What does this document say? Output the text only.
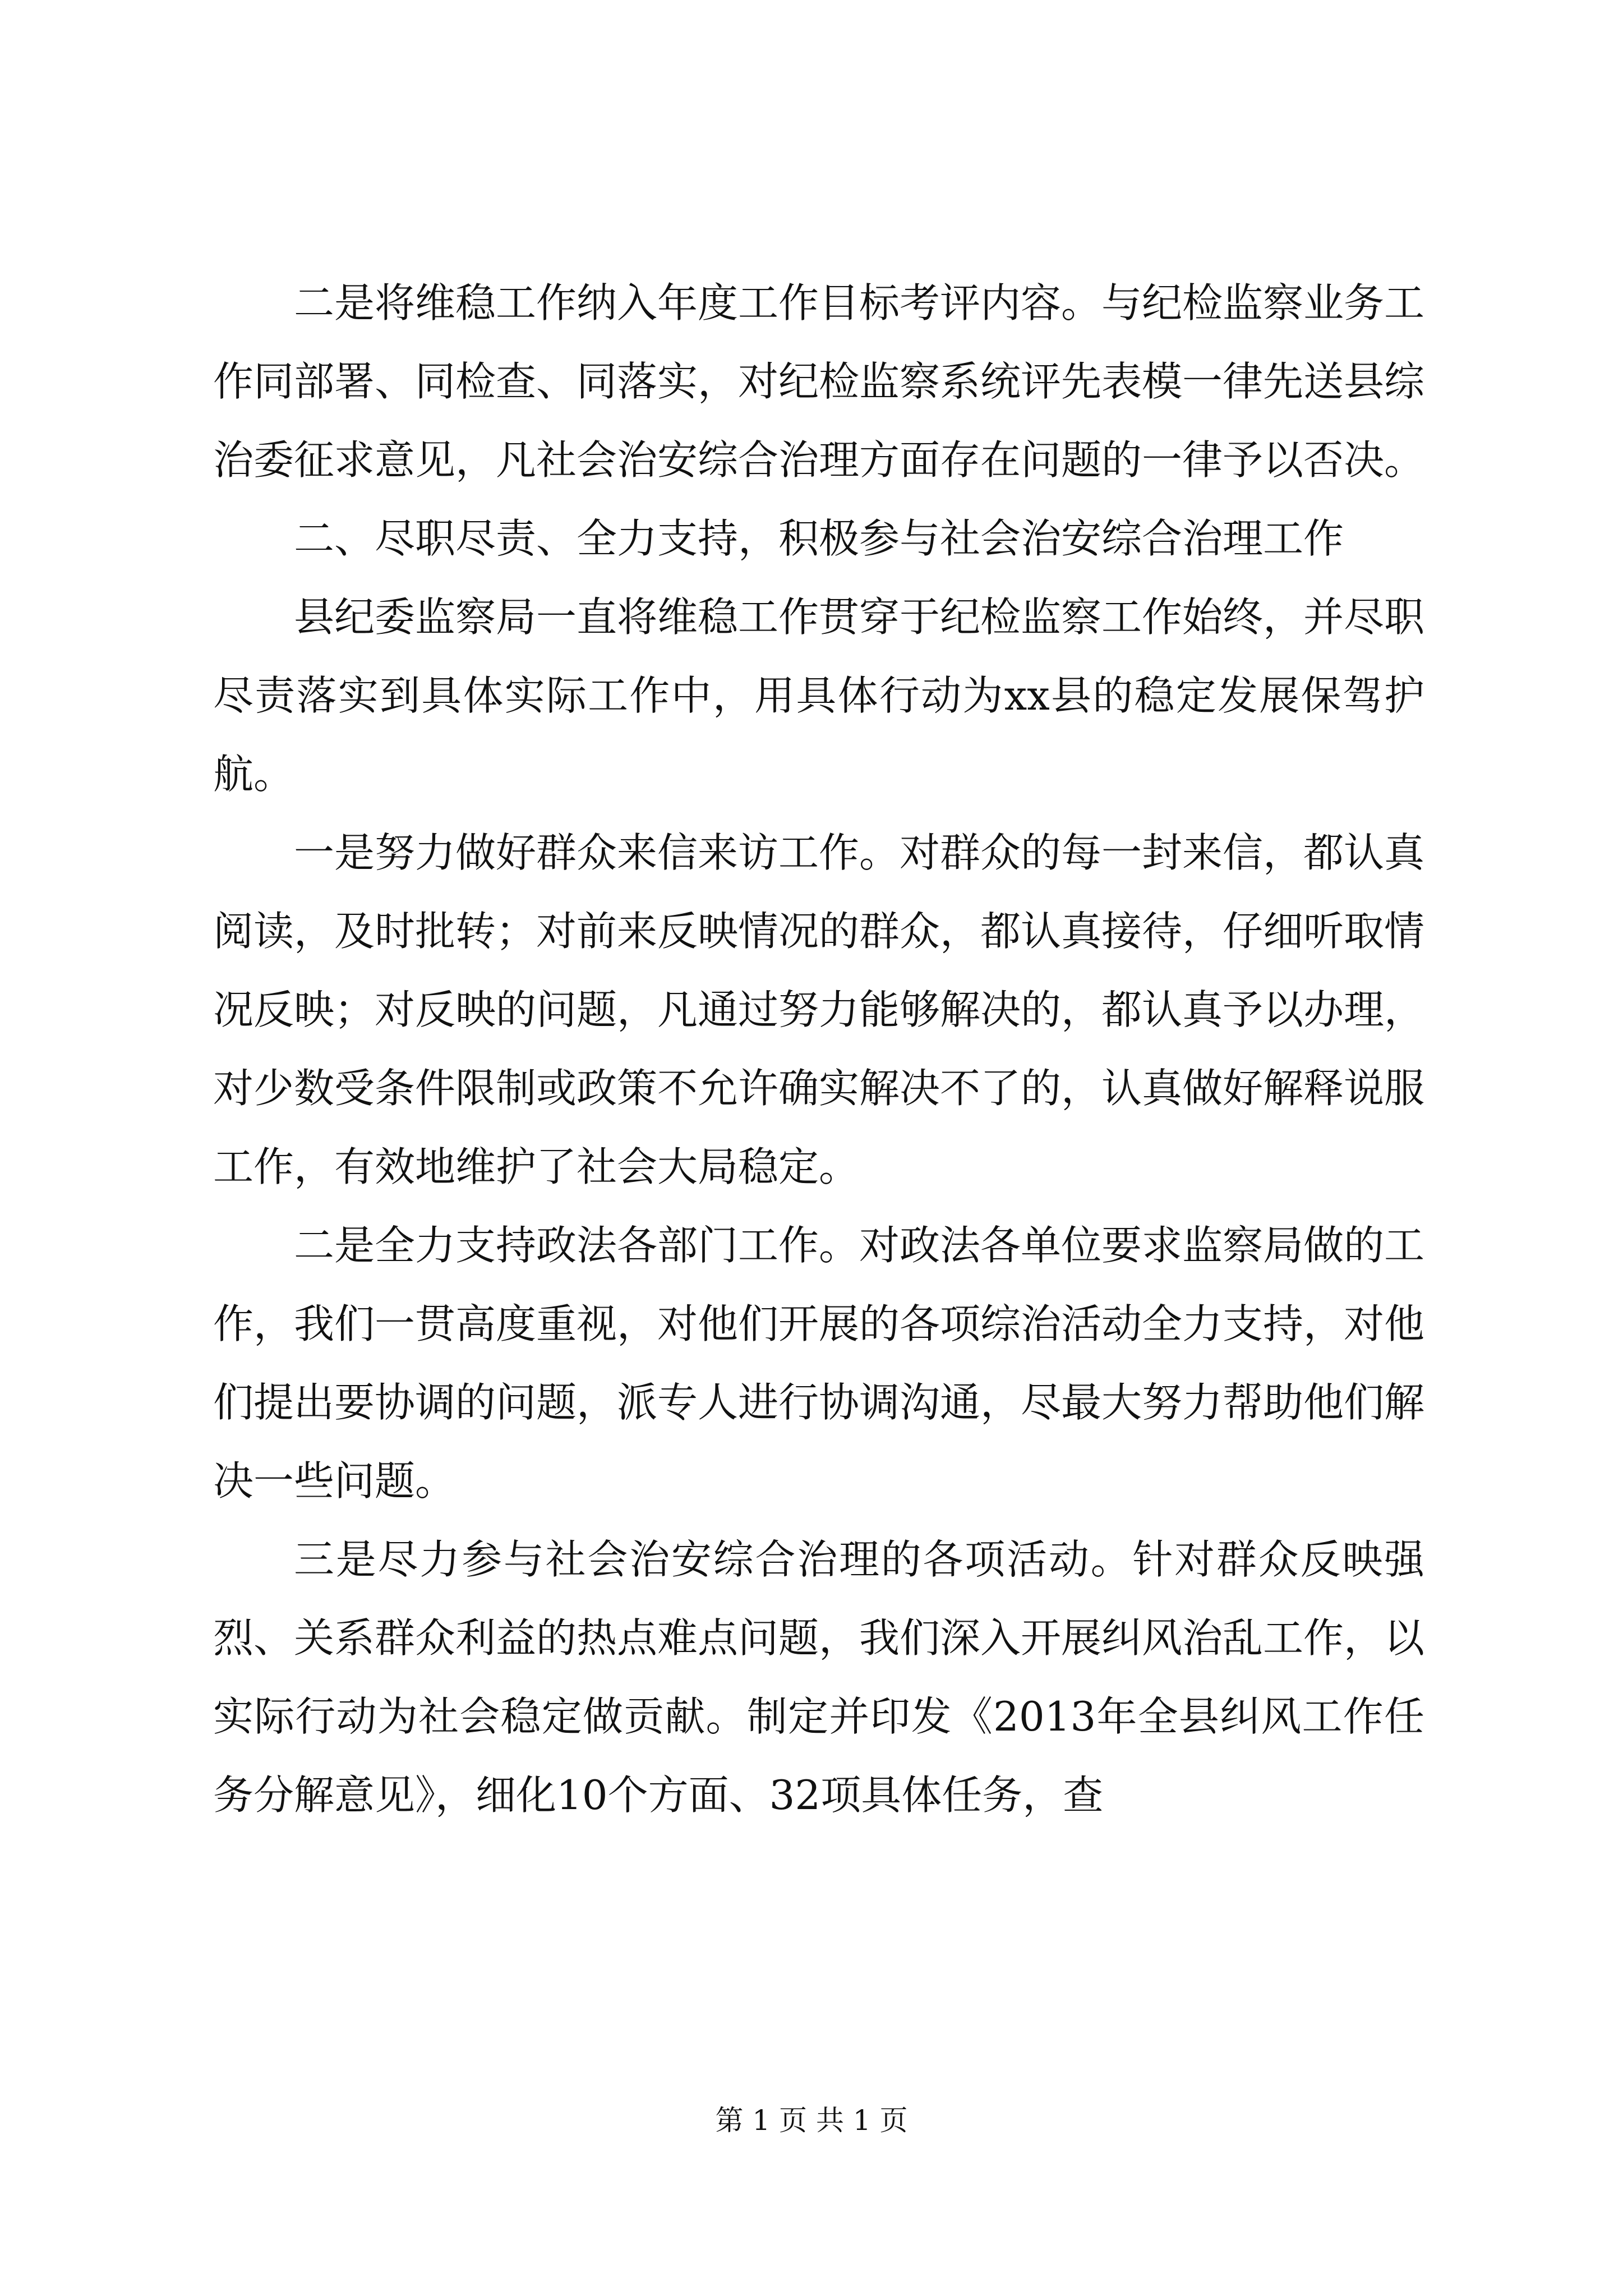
二是将维稳工作纳入年度工作目标考评内容。与纪检监察业务工作同部署、同检查、同落实，对纪检监察系统评先表模一律先送县综治委征求意见，凡社会治安综合治理方面存在问题的一律予以否决。

二、尽职尽责、全力支持，积极参与社会治安综合治理工作

县纪委监察局一直将维稳工作贯穿于纪检监察工作始终，并尽职尽责落实到具体实际工作中，用具体行动为xx县的稳定发展保驾护航。

一是努力做好群众来信来访工作。对群众的每一封来信，都认真阅读，及时批转；对前来反映情况的群众，都认真接待，仔细听取情况反映；对反映的问题，凡通过努力能够解决的，都认真予以办理，对少数受条件限制或政策不允许确实解决不了的，认真做好解释说服工作，有效地维护了社会大局稳定。

二是全力支持政法各部门工作。对政法各单位要求监察局做的工作，我们一贯高度重视，对他们开展的各项综治活动全力支持，对他们提出要协调的问题，派专人进行协调沟通，尽最大努力帮助他们解决一些问题。

三是尽力参与社会治安综合治理的各项活动。针对群众反映强烈、关系群众利益的热点难点问题，我们深入开展纠风治乱工作，以实际行动为社会稳定做贡献。制定并印发《2013年全县纠风工作任务分解意见》，细化10个方面、32项具体任务，查

第 1 页 共 1 页
